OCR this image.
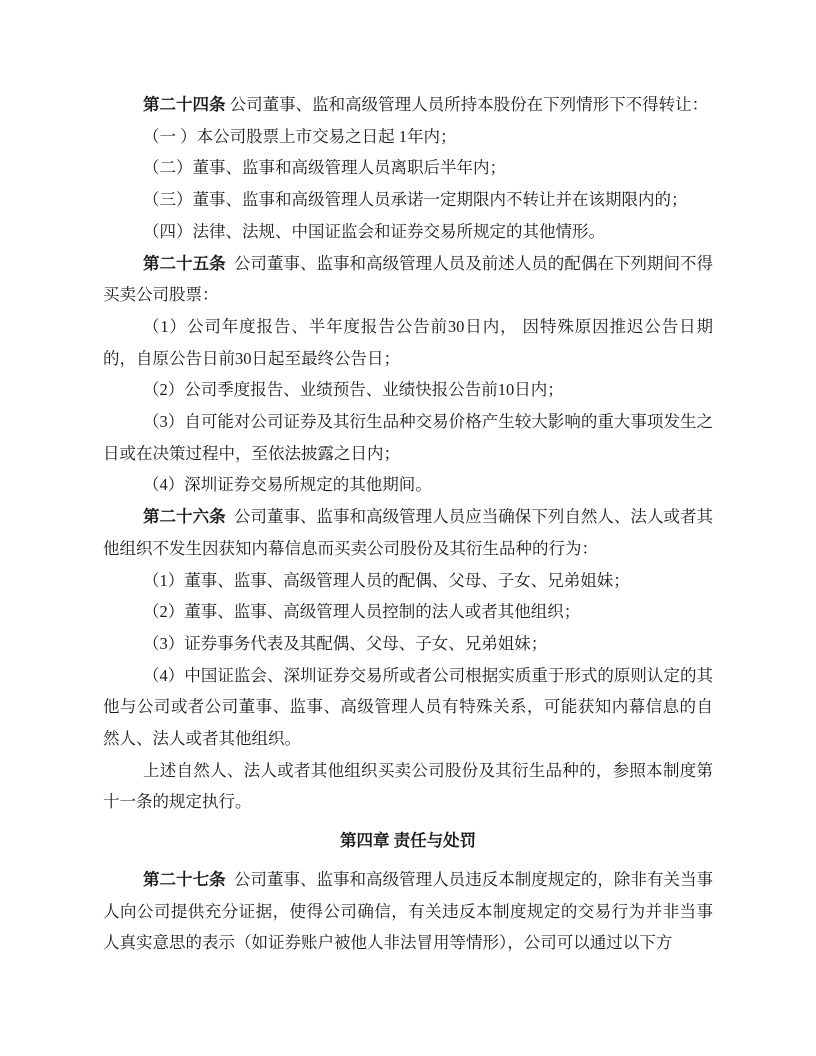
第二十四条 公司董事、监和高级管理人员所持本股份在下列情形下不得转让：

（一 ）本公司股票上市交易之日起 1年内；

（二）董事、监事和高级管理人员离职后半年内；

（三）董事、监事和高级管理人员承诺一定期限内不转让并在该期限内的；

（四）法律、法规、中国证监会和证券交易所规定的其他情形。

第二十五条  公司董事、监事和高级管理人员及前述人员的配偶在下列期间不得买卖公司股票：

（1）公司年度报告、半年度报告公告前30日内， 因特殊原因推迟公告日期的，自原公告日前30日起至最终公告日；

（2）公司季度报告、业绩预告、业绩快报公告前10日内；

（3）自可能对公司证券及其衍生品种交易价格产生较大影响的重大事项发生之日或在决策过程中，至依法披露之日内；

（4）深圳证券交易所规定的其他期间。

第二十六条  公司董事、监事和高级管理人员应当确保下列自然人、法人或者其他组织不发生因获知内幕信息而买卖公司股份及其衍生品种的行为：

（1）董事、监事、高级管理人员的配偶、父母、子女、兄弟姐妹；

（2）董事、监事、高级管理人员控制的法人或者其他组织；

（3）证券事务代表及其配偶、父母、子女、兄弟姐妹；

（4）中国证监会、深圳证券交易所或者公司根据实质重于形式的原则认定的其他与公司或者公司董事、监事、高级管理人员有特殊关系，可能获知内幕信息的自然人、法人或者其他组织。

上述自然人、法人或者其他组织买卖公司股份及其衍生品种的，参照本制度第十一条的规定执行。

第四章 责任与处罚

第二十七条  公司董事、监事和高级管理人员违反本制度规定的，除非有关当事人向公司提供充分证据，使得公司确信，有关违反本制度规定的交易行为并非当事人真实意思的表示（如证券账户被他人非法冒用等情形），公司可以通过以下方
